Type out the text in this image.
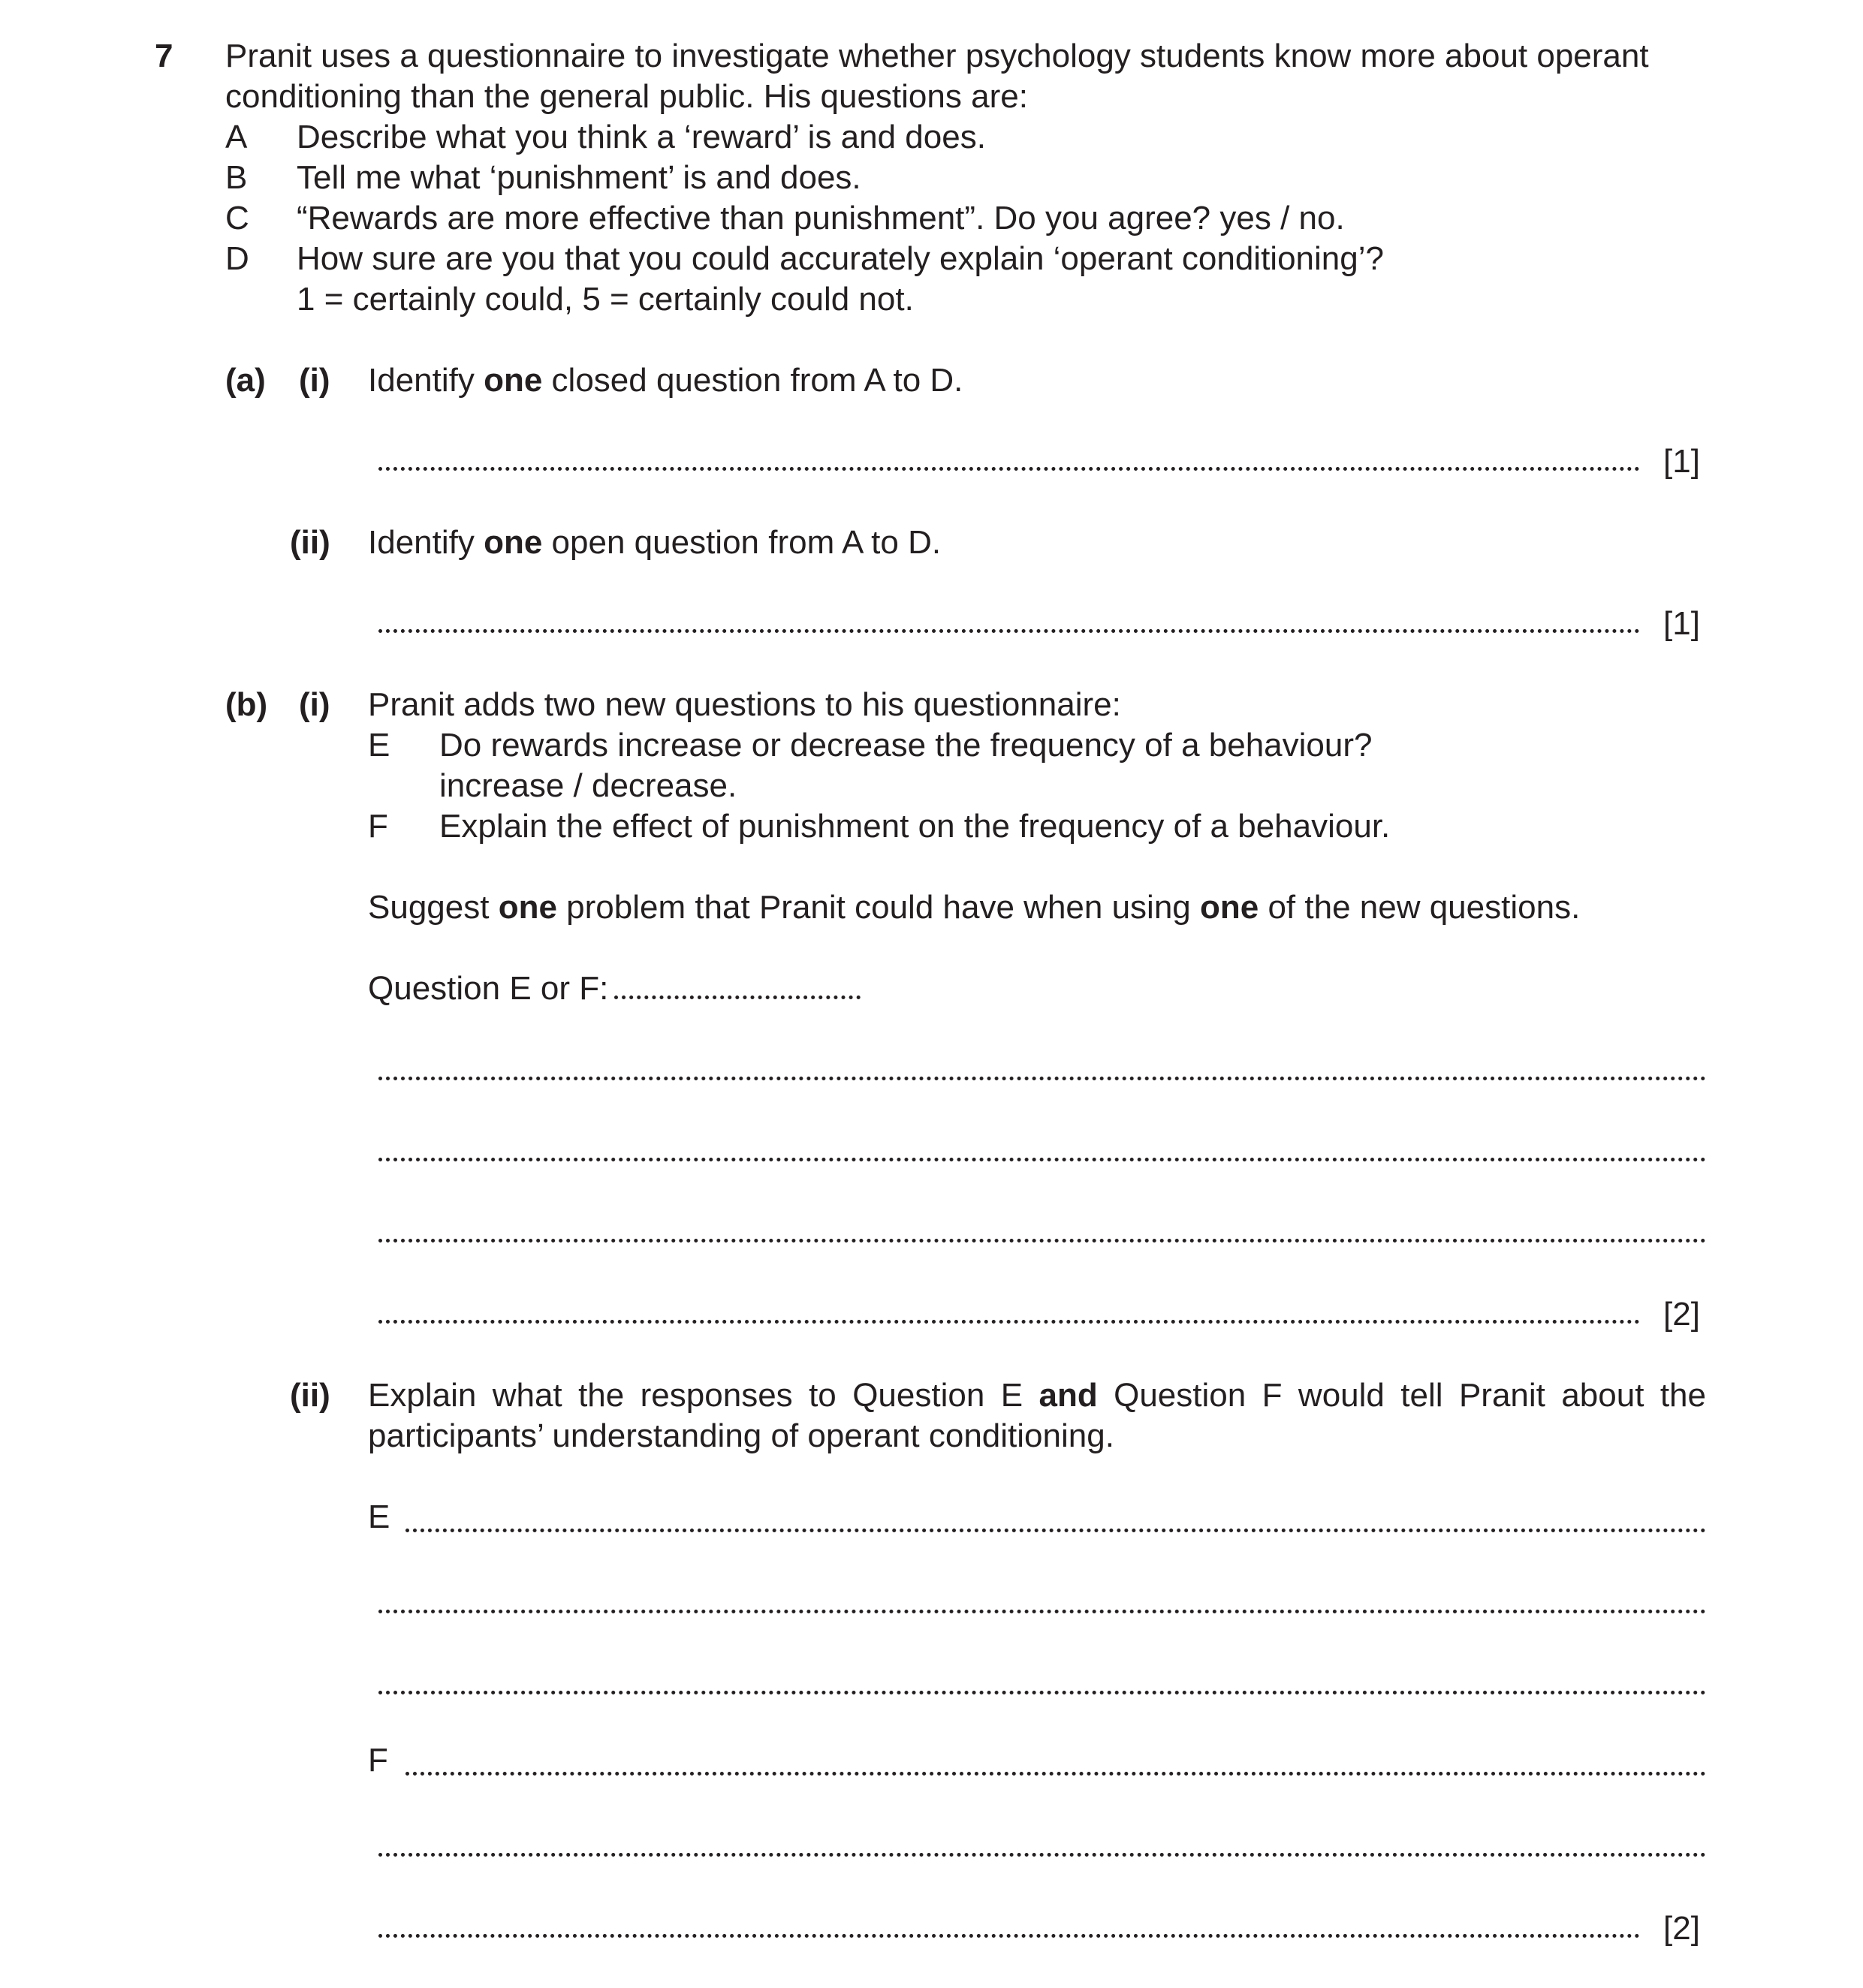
7 Pranit uses a questionnaire to investigate whether psychology students know more about operant
conditioning than the general public. His questions are:
A Describe what you think a ‘reward’ is and does.
B Tell me what ‘punishment’ is and does.
C “Rewards are more effective than punishment”. Do you agree? yes / no.
D How sure are you that you could accurately explain ‘operant conditioning’?
1 = certainly could, 5 = certainly could not.
(a) (i) Identify one closed question from A to D.
[1]
(ii) Identify one open question from A to D.
[1]
(b) (i) Pranit adds two new questions to his questionnaire:
E Do rewards increase or decrease the frequency of a behaviour?
increase / decrease.
F Explain the effect of punishment on the frequency of a behaviour.
Suggest one problem that Pranit could have when using one of the new questions.
Question E or F:
[2]
(ii) Explain what the responses to Question E and Question F would tell Pranit about the
participants’ understanding of operant conditioning.
E
F
[2]
